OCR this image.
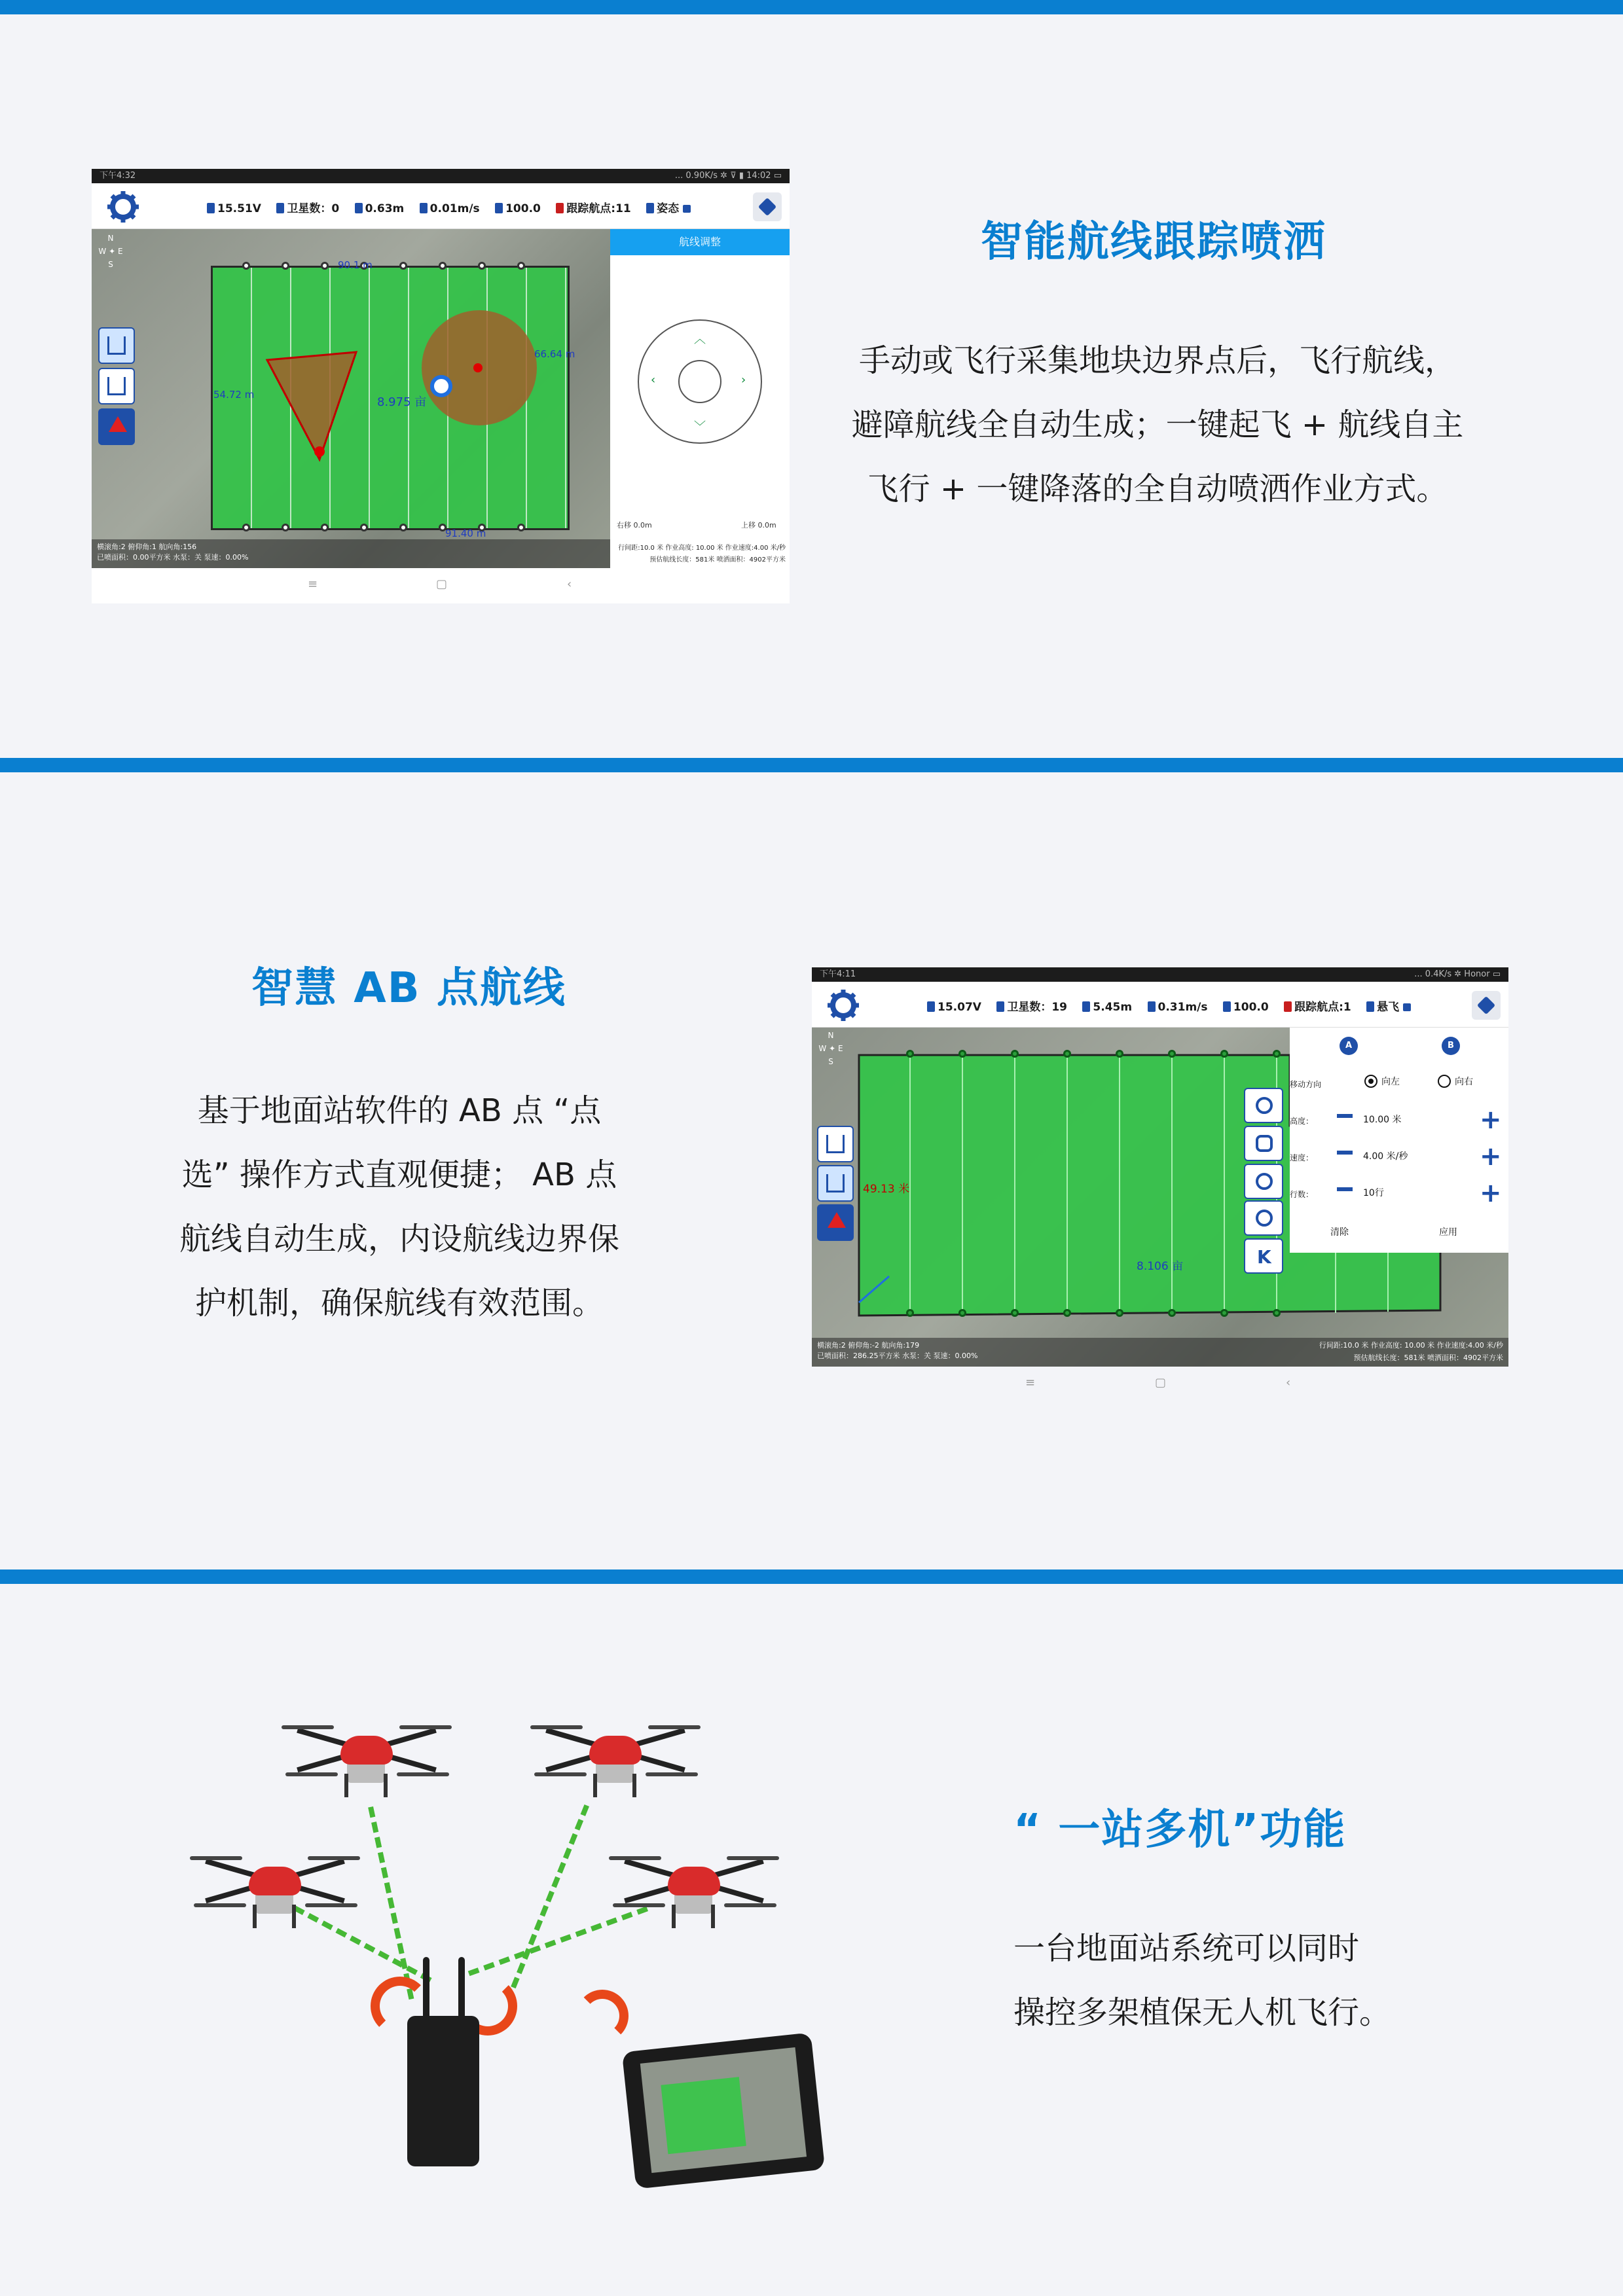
下午4:32	... 0.90K/s ✲ ⊽ ▮ 14:02 ▭
15.51V 卫星数：0 0.63m 0.01m/s 100.0 跟踪航点:11 姿态
N
W ✦ E
S
8.975 亩
54.72 m
66.64 m
90.1 m
91.40 m
横滚角:2 俯仰角:1 航向角:156
已喷面积：0.00平方米 水泵：关 泵速：0.00%
航线调整
︿
﹀
‹	›
右移 0.0m	上移 0.0m
行间距:10.0 米 作业高度: 10.00 米 作业速度:4.00 米/秒
预估航线长度：581米 喷洒面积：4902平方米
≡	▢	‹
智能航线跟踪喷洒
手动或飞行采集地块边界点后，飞行航线，
避障航线全自动生成；一键起飞 + 航线自主
飞行 + 一键降落的全自动喷洒作业方式。
智慧 AB 点航线
基于地面站软件的 AB 点 “点
选” 操作方式直观便捷； AB 点
航线自动生成，内设航线边界保
护机制，确保航线有效范围。
下午4:11	... 0.4K/s ✲ Honor ▭
15.07V 卫星数：19 5.45m 0.31m/s 100.0 跟踪航点:1 悬飞
N
W ✦ E
S
8.106 亩
49.13 米
K
横滚角:2 俯仰角:-2 航向角:179
已喷面积：286.25平方米 水泵：关 泵速：0.00%
行间距:10.0 米 作业高度: 10.00 米 作业速度:4.00 米/秒
预估航线长度：581米 喷洒面积：4902平方米
A	B
移动方向	向左	向右
高度：	10.00 米	+
速度：	4.00 米/秒	+
行数：	10行	+
清除	应用
≡	▢	‹
“ 一站多机”功能
一台地面站系统可以同时
操控多架植保无人机飞行。
